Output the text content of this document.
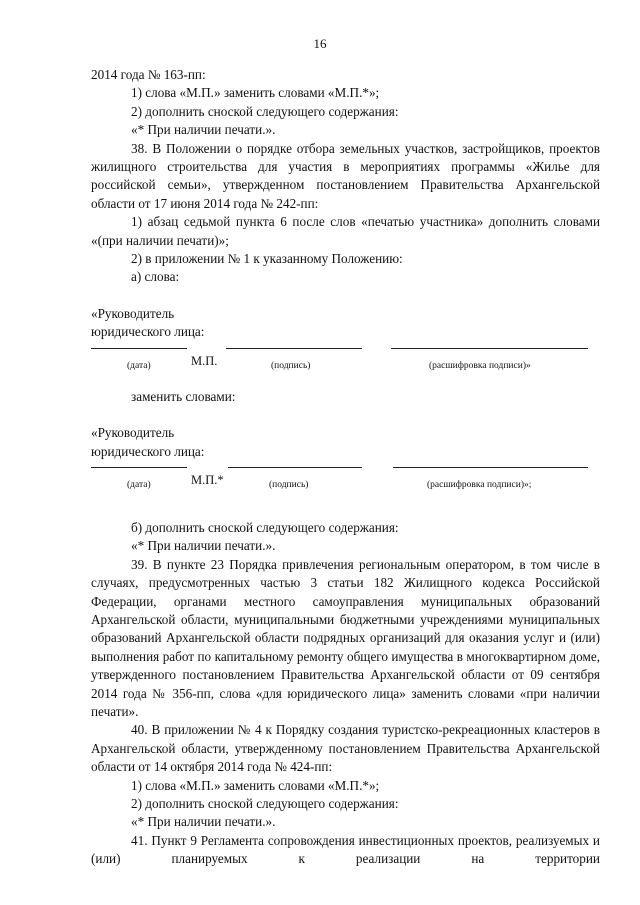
16

2014 года № 163-пп:

1) слова «М.П.» заменить словами «М.П.*»;

2) дополнить сноской следующего содержания:

«* При наличии печати.».

38. В Положении о порядке отбора земельных участков, застройщиков, проектов жилищного строительства для участия в мероприятиях программы «Жилье для российской семьи», утвержденном постановлением Правительства Архангельской области от 17 июня 2014 года № 242-пп:

1) абзац седьмой пункта 6 после слов «печатью участника» дополнить словами «(при наличии печати)»;

2) в приложении № 1 к указанному Положению:

а) слова:

«Руководитель

юридического лица:

(дата)	М.П.	(подпись)	(расшифровка подписи)»

заменить словами:

«Руководитель

юридического лица:

(дата)	М.П.*	(подпись)	(расшифровка подписи)»;

б) дополнить сноской следующего содержания:

«* При наличии печати.».

39. В пункте 23 Порядка привлечения региональным оператором, в том числе в случаях, предусмотренных частью 3 статьи 182 Жилищного кодекса Российской Федерации, органами местного самоуправления муниципальных образований Архангельской области, муниципальными бюджетными учреждениями муниципальных образований Архангельской области подрядных организаций для оказания услуг и (или) выполнения работ по капитальному ремонту общего имущества в многоквартирном доме, утвержденного постановлением Правительства Архангельской области от 09 сентября 2014 года № 356-пп, слова «для юридического лица» заменить словами «при наличии печати».

40. В приложении № 4 к Порядку создания туристско-рекреационных кластеров в Архангельской области, утвержденному постановлением Правительства Архангельской области от 14 октября 2014 года № 424-пп:

1) слова «М.П.» заменить словами «М.П.*»;

2) дополнить сноской следующего содержания:

«* При наличии печати.».

41. Пункт 9 Регламента сопровождения инвестиционных проектов, реализуемых и (или) планируемых к реализации на территории
